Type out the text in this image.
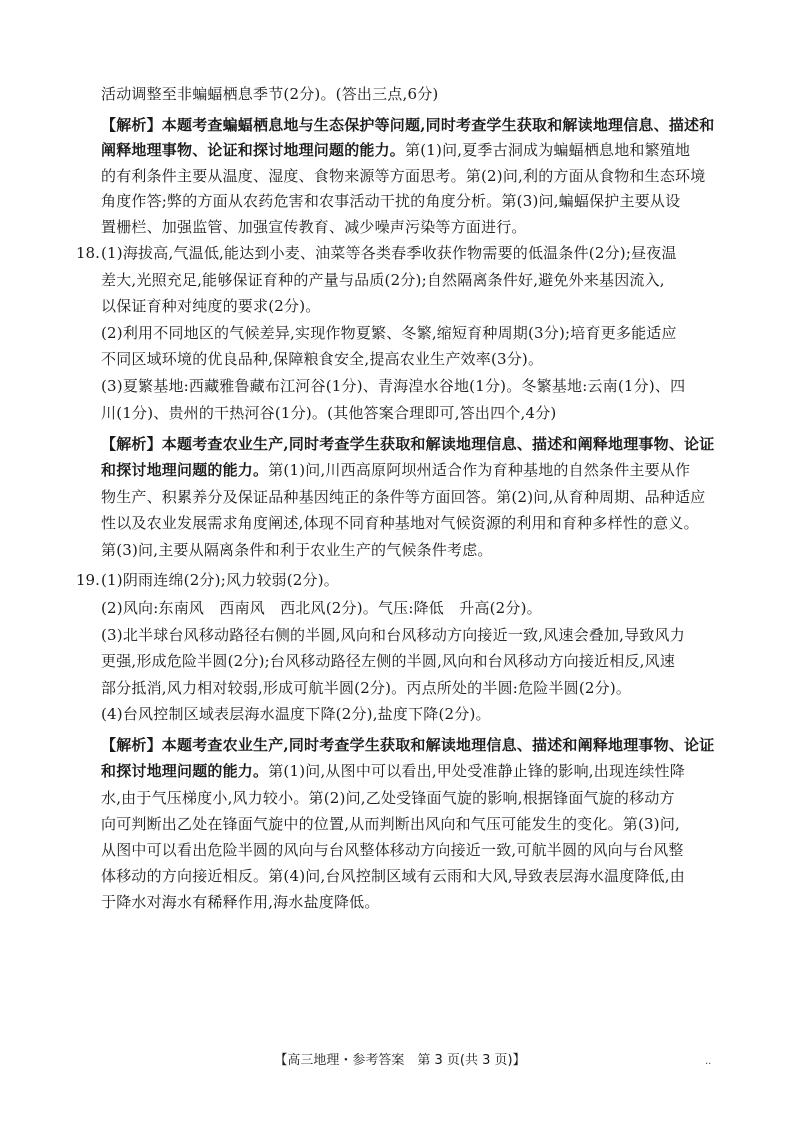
活动调整至非蝙蝠栖息季节(2分)。(答出三点,6分)
【解析】本题考查蝙蝠栖息地与生态保护等问题,同时考查学生获取和解读地理信息、描述和
阐释地理事物、论证和探讨地理问题的能力。第(1)问,夏季古洞成为蝙蝠栖息地和繁殖地
的有利条件主要从温度、湿度、食物来源等方面思考。第(2)问,利的方面从食物和生态环境
角度作答;弊的方面从农药危害和农事活动干扰的角度分析。第(3)问,蝙蝠保护主要从设
置栅栏、加强监管、加强宣传教育、减少噪声污染等方面进行。
18. (1)海拔高,气温低,能达到小麦、油菜等各类春季收获作物需要的低温条件(2分);昼夜温
差大,光照充足,能够保证育种的产量与品质(2分);自然隔离条件好,避免外来基因流入,
以保证育种对纯度的要求(2分)。
(2)利用不同地区的气候差异,实现作物夏繁、冬繁,缩短育种周期(3分);培育更多能适应
不同区域环境的优良品种,保障粮食安全,提高农业生产效率(3分)。
(3)夏繁基地:西藏雅鲁藏布江河谷(1分)、青海湟水谷地(1分)。冬繁基地:云南(1分)、四
川(1分)、贵州的干热河谷(1分)。(其他答案合理即可,答出四个,4分)
【解析】本题考查农业生产,同时考查学生获取和解读地理信息、描述和阐释地理事物、论证
和探讨地理问题的能力。第(1)问,川西高原阿坝州适合作为育种基地的自然条件主要从作
物生产、积累养分及保证品种基因纯正的条件等方面回答。第(2)问,从育种周期、品种适应
性以及农业发展需求角度阐述,体现不同育种基地对气候资源的利用和育种多样性的意义。
第(3)问,主要从隔离条件和利于农业生产的气候条件考虑。
19. (1)阴雨连绵(2分);风力较弱(2分)。
(2)风向:东南风　西南风　西北风(2分)。气压:降低　升高(2分)。
(3)北半球台风移动路径右侧的半圆,风向和台风移动方向接近一致,风速会叠加,导致风力
更强,形成危险半圆(2分);台风移动路径左侧的半圆,风向和台风移动方向接近相反,风速
部分抵消,风力相对较弱,形成可航半圆(2分)。丙点所处的半圆:危险半圆(2分)。
(4)台风控制区域表层海水温度下降(2分),盐度下降(2分)。
【解析】本题考查农业生产,同时考查学生获取和解读地理信息、描述和阐释地理事物、论证
和探讨地理问题的能力。第(1)问,从图中可以看出,甲处受准静止锋的影响,出现连续性降
水,由于气压梯度小,风力较小。第(2)问,乙处受锋面气旋的影响,根据锋面气旋的移动方
向可判断出乙处在锋面气旋中的位置,从而判断出风向和气压可能发生的变化。第(3)问,
从图中可以看出危险半圆的风向与台风整体移动方向接近一致,可航半圆的风向与台风整
体移动的方向接近相反。第(4)问,台风控制区域有云雨和大风,导致表层海水温度降低,由
于降水对海水有稀释作用,海水盐度降低。
【高三地理・参考答案　第 3 页(共 3 页)】	··
